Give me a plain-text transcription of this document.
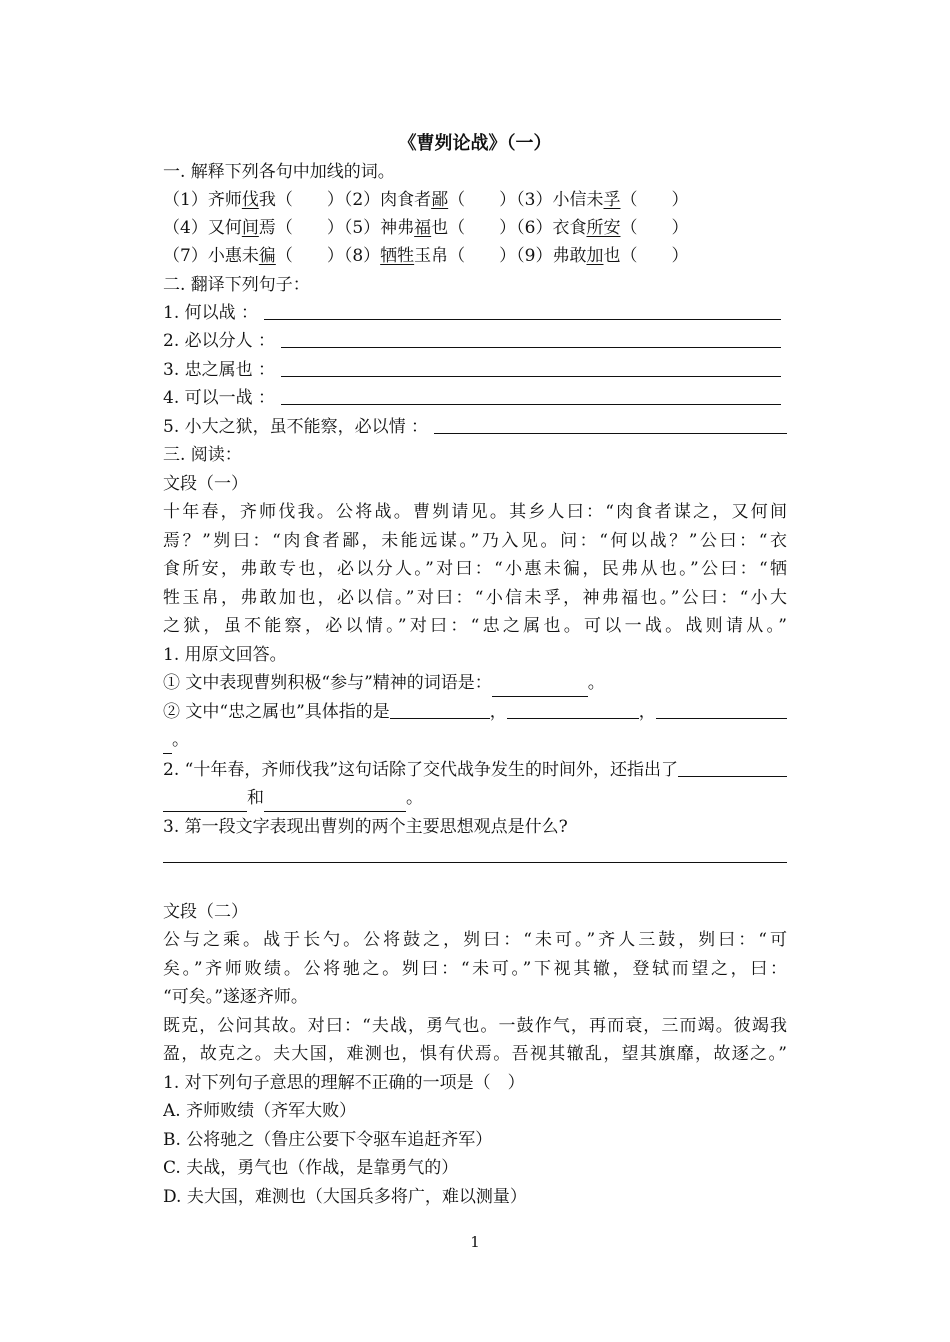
《曹刿论战》（一）
一. 解释下列各句中加线的词。
（1）齐师伐我（　　）（2）肉食者鄙（　　）（3）小信未孚（　　）
（4）又何间焉（　　）（5）神弗福也（　　）（6）衣食所安（　　）
（7）小惠未徧（　　）（8）牺牲玉帛（　　）（9）弗敢加也（　　）
二. 翻译下列句子：
1. 何以战 ：
2. 必以分人 ：
3. 忠之属也 ：
4. 可以一战 ：
5. 小大之狱，虽不能察，必以情 ：
三. 阅读：
文段（一）
十年春，齐师伐我。公将战。曹刿请见。其乡人曰：“肉食者谋之，又何间
焉？”刿曰：“肉食者鄙，未能远谋。”乃入见。问：“何以战？”公曰：“衣
食所安，弗敢专也，必以分人。”对曰：“小惠未徧，民弗从也。”公曰：“牺
牲玉帛，弗敢加也，必以信。”对曰：“小信未孚，神弗福也。”公曰：“小大
之狱，虽不能察，必以情。”对曰：“忠之属也。可以一战。战则请从。”
1. 用原文回答。
① 文中表现曹刿积极“参与”精神的词语是：	。
② 文中“忠之属也”具体指的是	，	，
。
2. “十年春，齐师伐我”这句话除了交代战争发生的时间外，还指出了
和	。
3. 第一段文字表现出曹刿的两个主要思想观点是什么?
文段（二）
公与之乘。战于长勺。公将鼓之，刿曰：“未可。”齐人三鼓，刿曰：“可
矣。”齐师败绩。公将驰之。刿曰：“未可。”下视其辙，登轼而望之，曰：
“可矣。”遂逐齐师。
既克，公问其故。对曰：“夫战，勇气也。一鼓作气，再而衰，三而竭。彼竭我
盈，故克之。夫大国，难测也，惧有伏焉。吾视其辙乱，望其旗靡，故逐之。”
1. 对下列句子意思的理解不正确的一项是（　）
A. 齐师败绩（齐军大败）
B. 公将驰之（鲁庄公要下令驱车追赶齐军）
C. 夫战，勇气也（作战，是靠勇气的）
D. 夫大国，难测也（大国兵多将广，难以测量）
1
